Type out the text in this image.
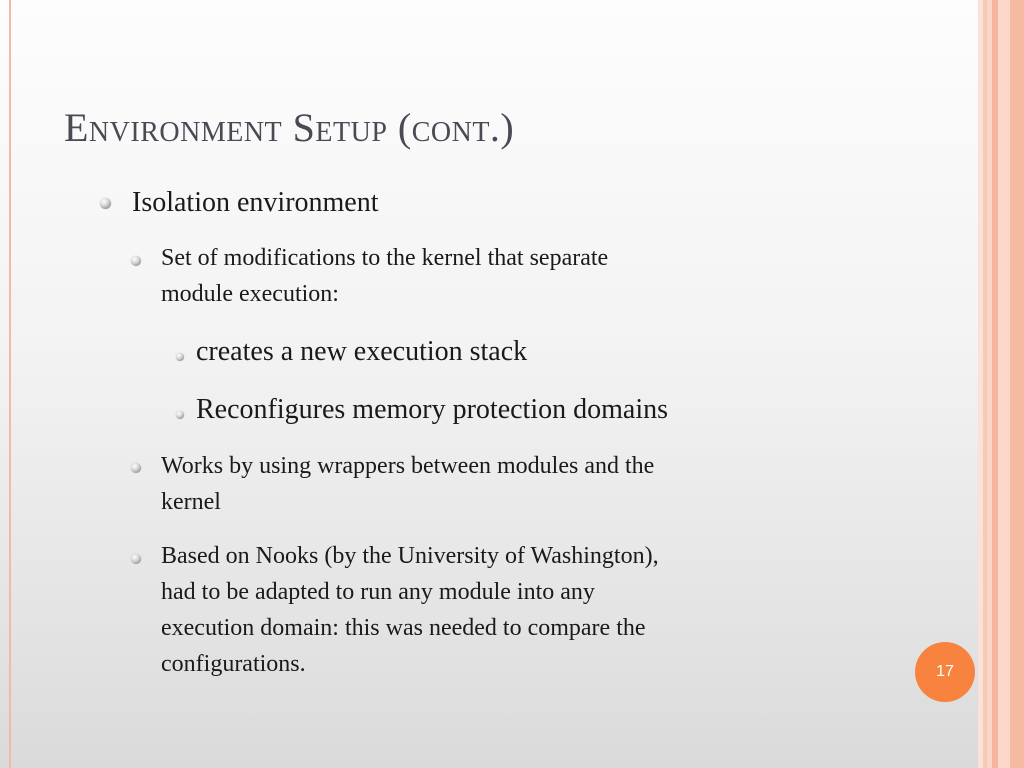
Environment Setup (cont.)
Isolation environment
Set of modifications to the kernel that separate
module execution:
creates a new execution stack
Reconfigures memory protection domains
Works by using wrappers between modules and the
kernel
Based on Nooks (by the University of Washington),
had to be adapted to run any module into any
execution domain: this was needed to compare the
configurations.	17
